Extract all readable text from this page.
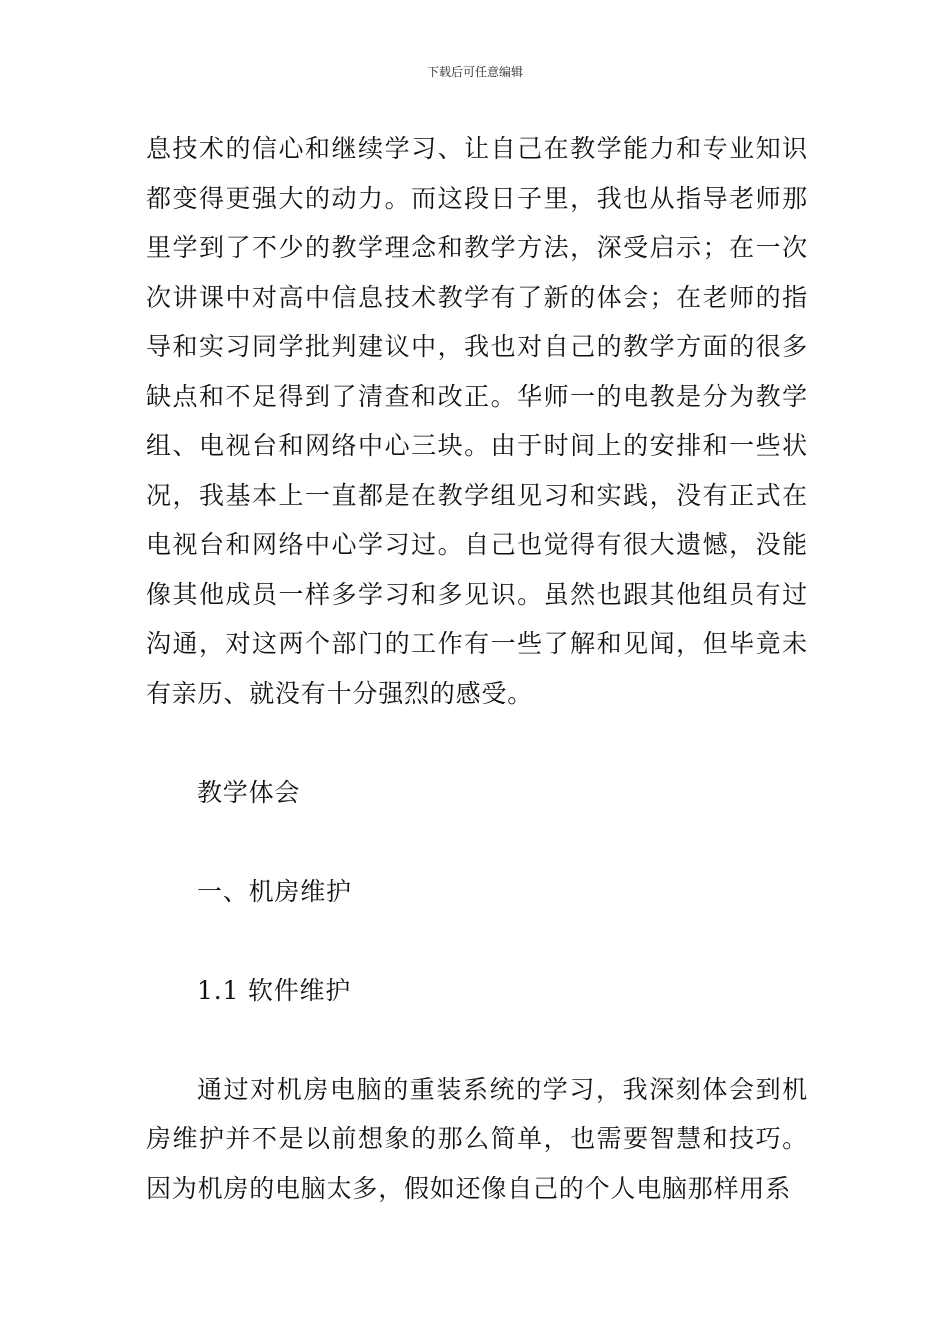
下载后可任意编辑

息技术的信心和继续学习、让自己在教学能力和专业知识都变得更强大的动力。而这段日子里，我也从指导老师那里学到了不少的教学理念和教学方法，深受启示；在一次次讲课中对高中信息技术教学有了新的体会；在老师的指导和实习同学批判建议中，我也对自己的教学方面的很多缺点和不足得到了清查和改正。华师一的电教是分为教学组、电视台和网络中心三块。由于时间上的安排和一些状况，我基本上一直都是在教学组见习和实践，没有正式在电视台和网络中心学习过。自己也觉得有很大遗憾，没能像其他成员一样多学习和多见识。虽然也跟其他组员有过沟通，对这两个部门的工作有一些了解和见闻，但毕竟未有亲历、就没有十分强烈的感受。

教学体会

一、机房维护

1.1 软件维护

通过对机房电脑的重装系统的学习，我深刻体会到机房维护并不是以前想象的那么简单，也需要智慧和技巧。因为机房的电脑太多，假如还像自己的个人电脑那样用系
